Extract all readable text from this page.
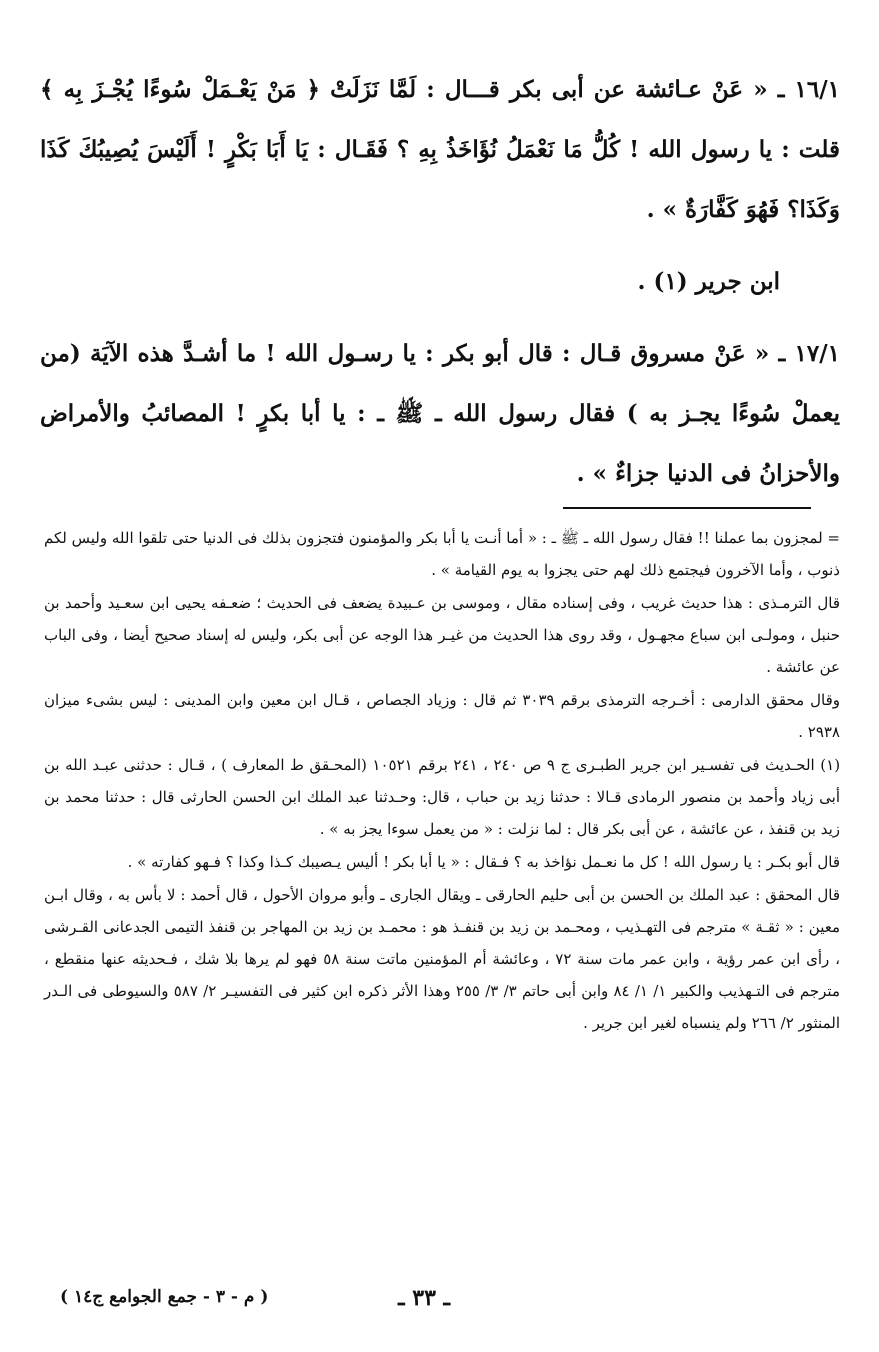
١٦/١ ـ « عَنْ عـائشة عن أبى بكر قـــال : لَمَّا نَزَلَتْ ﴿ مَنْ يَعْـمَلْ سُوءًا يُجْـزَ بِه ﴾ قلت : يا رسول الله ! كُلُّ مَا نَعْمَلُ نُؤَاخَذُ بِهِ ؟ فَقَـال : يَا أَبَا بَكْرٍ ! أَلَيْسَ يُصِيبُكَ كَذَا وَكَذَا؟ فَهُوَ كَفَّارَةٌ » .

ابن جرير (١) .

١٧/١ ـ « عَنْ مسروق قـال : قال أبو بكر : يا رسـول الله ! ما أشـدَّ هذه الآيَة (من يعملْ سُوءًا يجـز به ) فقال رسول الله ـ ﷺ ـ : يا أبا بكرٍ ! المصائبُ والأمراض والأحزانُ فى الدنيا جزاءٌ » .

= لمجزون بما عملنا !! فقال رسول الله ـ ﷺ ـ : « أما أنـت يا أبا بكر والمؤمنون فتجزون بذلك فى الدنيا حتى تلقوا الله وليس لكم ذنوب ، وأما الآخرون فيجتمع ذلك لهم حتى يجزوا به يوم القيامة » .

قال الترمـذى : هذا حديث غريب ، وفى إسناده مقال ، وموسى بن عـبيدة يضعف فى الحديث ؛ ضعـفه يحيى ابن سعـيد وأحمد بن حنبل ، ومولـى ابن سباع مجهـول ، وقد روى هذا الحديث من غيـر هذا الوجه عن أبى بكر، وليس له إسناد صحيح أيضا ، وفى الباب عن عائشة .

وقال محقق الدارمى : أخـرجه الترمذى برقم ٣٠٣٩ ثم قال : وزياد الجصاص ، قـال ابن معين وابن المدينى : ليس بشىء ميزان ٢٩٣٨ .

(١) الحـديث فى تفسـير ابن جرير الطبـرى ج ٩ ص ٢٤٠ ، ٢٤١ برقم ١٠٥٢١ (المحـقق ط المعارف ) ، قـال : حدثنى عبـد الله بن أبى زياد وأحمد بن منصور الرمادى قـالا : حدثنا زيد بن حباب ، قال: وحـدثنا عبد الملك ابن الحسن الحارثى قال : حدثنا محمد بن زيد بن قنفذ ، عن عائشة ، عن أبى بكر قال : لما نزلت : « من يعمل سوءا يجز به » .

قال أبو بكـر : يا رسول الله ! كل ما نعـمل نؤاخذ به ؟ فـقال : « يا أبا بكر ! أليس يـصيبك كـذا وكذا ؟ فـهو كفارته » .

قال المحقق : عبد الملك بن الحسن بن أبى حليم الحارقى ـ ويقال الجارى ـ وأبو مروان الأحول ، قال أحمد : لا بأس به ، وقال ابـن معين : « ثقـة » مترجم فى التهـذيب ، ومحـمد بن زيد بن قنفـذ هو : محمـد بن زيد بن المهاجر بن قنفذ التيمى الجدعانى القـرشى ، رأى ابن عمر رؤية ، وابن عمر مات سنة ٧٢ ، وعائشة أم المؤمنين ماتت سنة ٥٨ فهو لم يرها بلا شك ، فـحديثه عنها منقطع ، مترجم فى التـهذيب والكبير ١/ ١/ ٨٤ وابن أبى حاتم ٣/ ٣/ ٢٥٥ وهذا الأثر ذكره ابن كثير فى التفسيـر ٢/ ٥٨٧ والسيوطى فى الـدر المنثور ٢/ ٢٦٦ ولم ينسباه لغير ابن جرير .

ـ ٣٣ ـ
( م - ٣ - جمع الجوامع ج١٤ )
